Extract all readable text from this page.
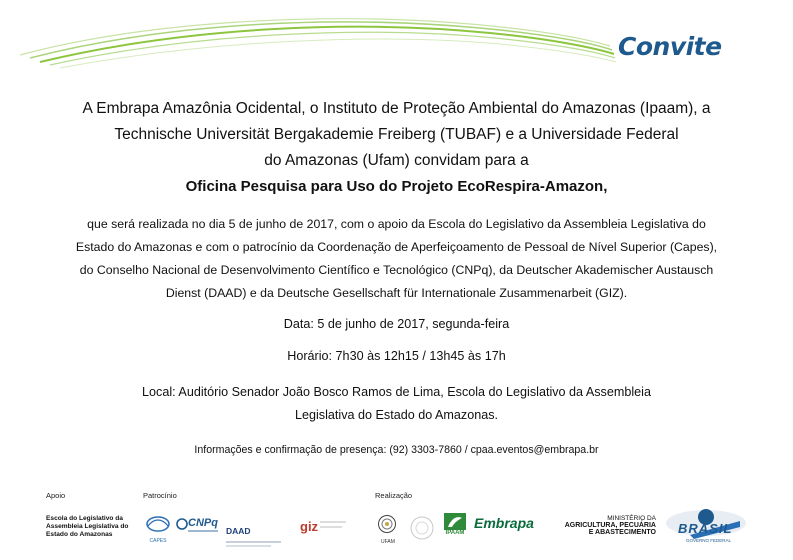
Convite
A Embrapa Amazônia Ocidental, o Instituto de Proteção Ambiental do Amazonas (Ipaam), a
Technische Universität Bergakademie Freiberg (TUBAF) e a Universidade Federal
do Amazonas (Ufam) convidam para a
Oficina Pesquisa para Uso do Projeto EcoRespira-Amazon,
que será realizada no dia 5 de junho de 2017, com o apoio da Escola do Legislativo da Assembleia Legislativa do
Estado do Amazonas e com o patrocínio da Coordenação de Aperfeiçoamento de Pessoal de Nível Superior (Capes),
do Conselho Nacional de Desenvolvimento Científico e Tecnológico (CNPq), da Deutscher Akademischer Austausch
Dienst (DAAD) e da Deutsche Gesellschaft für Internationale Zusammenarbeit (GIZ).
Data: 5 de junho de 2017, segunda-feira
Horário: 7h30 às 12h15 / 13h45 às 17h
Local: Auditório Senador João Bosco Ramos de Lima, Escola do Legislativo da Assembleia
Legislativa do Estado do Amazonas.
Informações e confirmação de presença: (92) 3303-7860 / cpaa.eventos@embrapa.br
Apoio	Patrocínio	Realização
Escola do Legislativo da
Assembleia Legislativa do
Estado do Amazonas
CAPES
CNPq
DAAD	giz
UFAM
IPAAM
Embrapa	MINISTÉRIO DA
AGRICULTURA, PECUÁRIA
E ABASTECIMENTO BRASIL
GOVERNO FEDERAL
